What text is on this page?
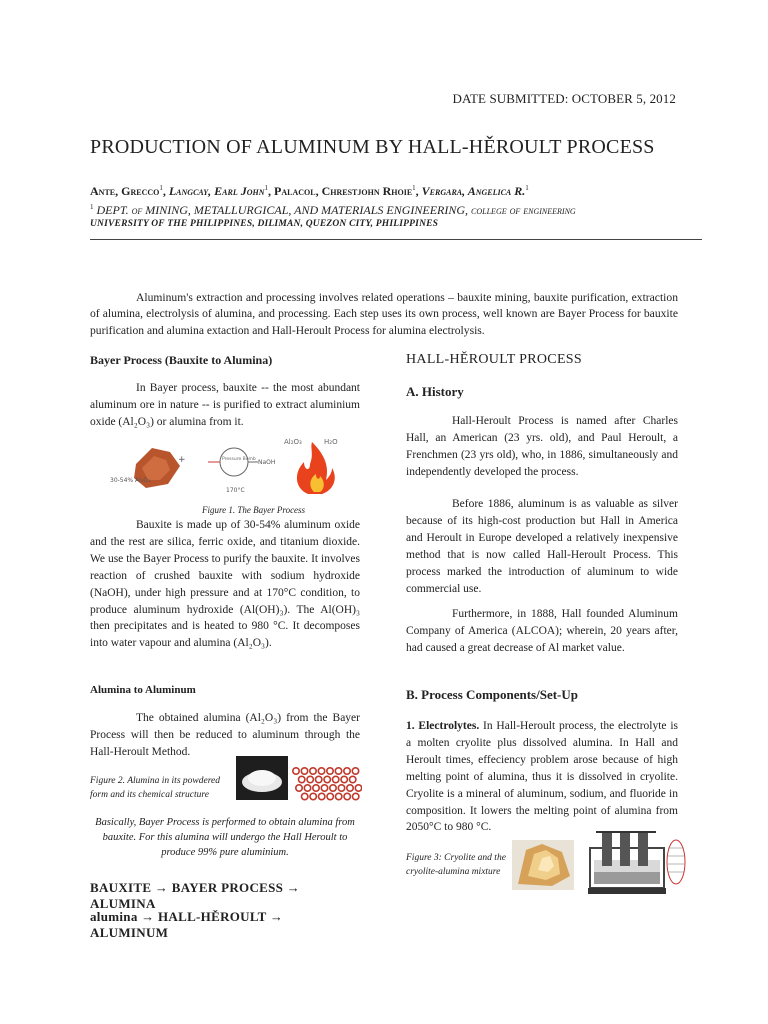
DATE SUBMITTED: OCTOBER 5, 2012
PRODUCTION OF ALUMINUM BY HALL-HĚROULT PROCESS
Ante, Grecco$^1$, Langcay, Earl John$^1$, Palacol, Chrestjohn Rhoie$^1$, Vergara, Angelica R.$^1$
$^1$ DEPT. of MINING, METALLURGICAL, AND MATERIALS ENGINEERING, college of engineering
UNIVERSITY OF THE PHILIPPINES, DILIMAN, QUEZON CITY, PHILIPPINES
Aluminum's extraction and processing involves related operations – bauxite mining, bauxite purification, extraction of alumina, electrolysis of alumina, and processing. Each step uses its own process, well known are Bayer Process for bauxite purification and alumina extaction and Hall-Heroult Process for alumina electrolysis.
Bayer Process (Bauxite to Alumina)

In Bayer process, bauxite -- the most abundant aluminum ore in nature -- is purified to extract aluminium oxide (Al₂O₃) or alumina from it.

30-54% Al₂O₃
+	Pressure Bomb NaOH
170°C
Al₂O₃	H₂O
Figure 1. The Bayer Process

Bauxite is made up of 30-54% aluminum oxide and the rest are silica, ferric oxide, and titanium dioxide. We use the Bayer Process to purify the bauxite. It involves reaction of crushed bauxite with sodium hydroxide (NaOH), under high pressure and at 170°C condition, to produce aluminum hydroxide (Al(OH)₃). The Al(OH)₃ then precipitates and is heated to 980 °C. It decomposes into water vapour and alumina (Al₂O₃).

Alumina to Aluminum

The obtained alumina (Al₂O₃) from the Bayer Process will then be reduced to aluminum through the Hall-Heroult Method.

Figure 2. Alumina in its powdered form and its chemical structure
Basically, Bayer Process is performed to obtain alumina from bauxite. For this alumina will undergo the Hall Heroult to produce 99% pure aluminium.
BAUXITE → BAYER PROCESS → ALUMINA
alumina → HALL-HĚROULT → ALUMINUM
HALL-HĚROULT PROCESS
A. History

Hall-Heroult Process is named after Charles Hall, an American (23 yrs. old), and Paul Heroult, a Frenchmen (23 yrs old), who, in 1886, simultaneously and independently developed the process.

Before 1886, aluminum is as valuable as silver because of its high-cost production but Hall in America and Heroult in Europe developed a relatively inexpensive method that is now called Hall-Heroult Process. This process marked the introduction of aluminum to wide commercial use.

Furthermore, in 1888, Hall founded Aluminum Company of America (ALCOA); wherein, 20 years after, had caused a great decrease of Al market value.

B. Process Components/Set-Up
1. Electrolytes. In Hall-Heroult process, the electrolyte is a molten cryolite plus dissolved alumina. In Hall and Heroult times, effeciency problem arose because of high melting point of alumina, thus it is dissolved in cryolite. Cryolite is a mineral of aluminum, sodium, and fluoride in composition. It lowers the melting point of alumina from 2050°C to 980 °C.
Figure 3: Cryolite and the cryolite-alumina mixture
